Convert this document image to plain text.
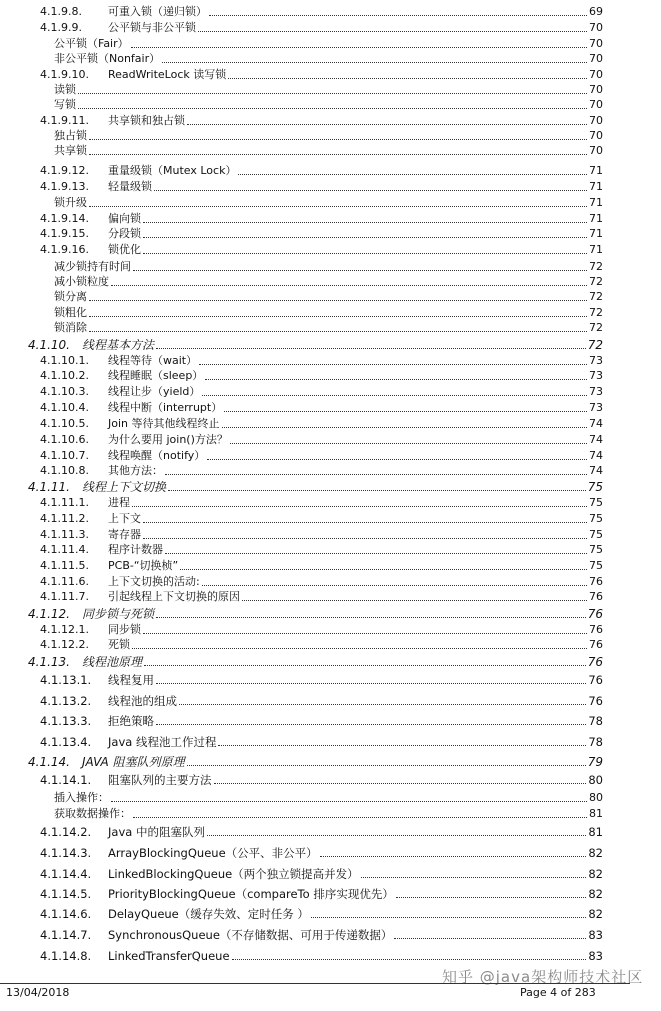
4.1.9.8. 可重入锁（递归锁）	69
4.1.9.9. 公平锁与非公平锁	70
公平锁（Fair）	70
非公平锁（Nonfair）	70
4.1.9.10. ReadWriteLock 读写锁	70
读锁	70
写锁	70
4.1.9.11. 共享锁和独占锁	70
独占锁	70
共享锁	70
4.1.9.12. 重量级锁（Mutex Lock）	71
4.1.9.13. 轻量级锁	71
锁升级	71
4.1.9.14. 偏向锁	71
4.1.9.15. 分段锁	71
4.1.9.16. 锁优化	71
减少锁持有时间	72
减小锁粒度	72
锁分离	72
锁粗化	72
锁消除	72
4.1.10. 线程基本方法	72
4.1.10.1. 线程等待（wait）	73
4.1.10.2. 线程睡眠（sleep）	73
4.1.10.3. 线程让步（yield）	73
4.1.10.4. 线程中断（interrupt）	73
4.1.10.5. Join 等待其他线程终止	74
4.1.10.6. 为什么要用 join()方法？	74
4.1.10.7. 线程唤醒（notify）	74
4.1.10.8. 其他方法：	74
4.1.11. 线程上下文切换	75
4.1.11.1. 进程	75
4.1.11.2. 上下文	75
4.1.11.3. 寄存器	75
4.1.11.4. 程序计数器	75
4.1.11.5. PCB-“切换桢”	75
4.1.11.6. 上下文切换的活动:	76
4.1.11.7. 引起线程上下文切换的原因	76
4.1.12. 同步锁与死锁	76
4.1.12.1. 同步锁	76
4.1.12.2. 死锁	76
4.1.13. 线程池原理	76
4.1.13.1. 线程复用	76
4.1.13.2. 线程池的组成	76
4.1.13.3. 拒绝策略	78
4.1.13.4. Java 线程池工作过程	78
4.1.14. JAVA 阻塞队列原理	79
4.1.14.1. 阻塞队列的主要方法	80
插入操作：	80
获取数据操作：	81
4.1.14.2. Java 中的阻塞队列	81
4.1.14.3. ArrayBlockingQueue（公平、非公平）	82
4.1.14.4. LinkedBlockingQueue（两个独立锁提高并发）	82
4.1.14.5. PriorityBlockingQueue（compareTo 排序实现优先）	82
4.1.14.6. DelayQueue（缓存失效、定时任务 ）	82
4.1.14.7. SynchronousQueue（不存储数据、可用于传递数据）	83
4.1.14.8. LinkedTransferQueue	83
知乎 @java架构师技术社区
13/04/2018	Page 4 of 283
